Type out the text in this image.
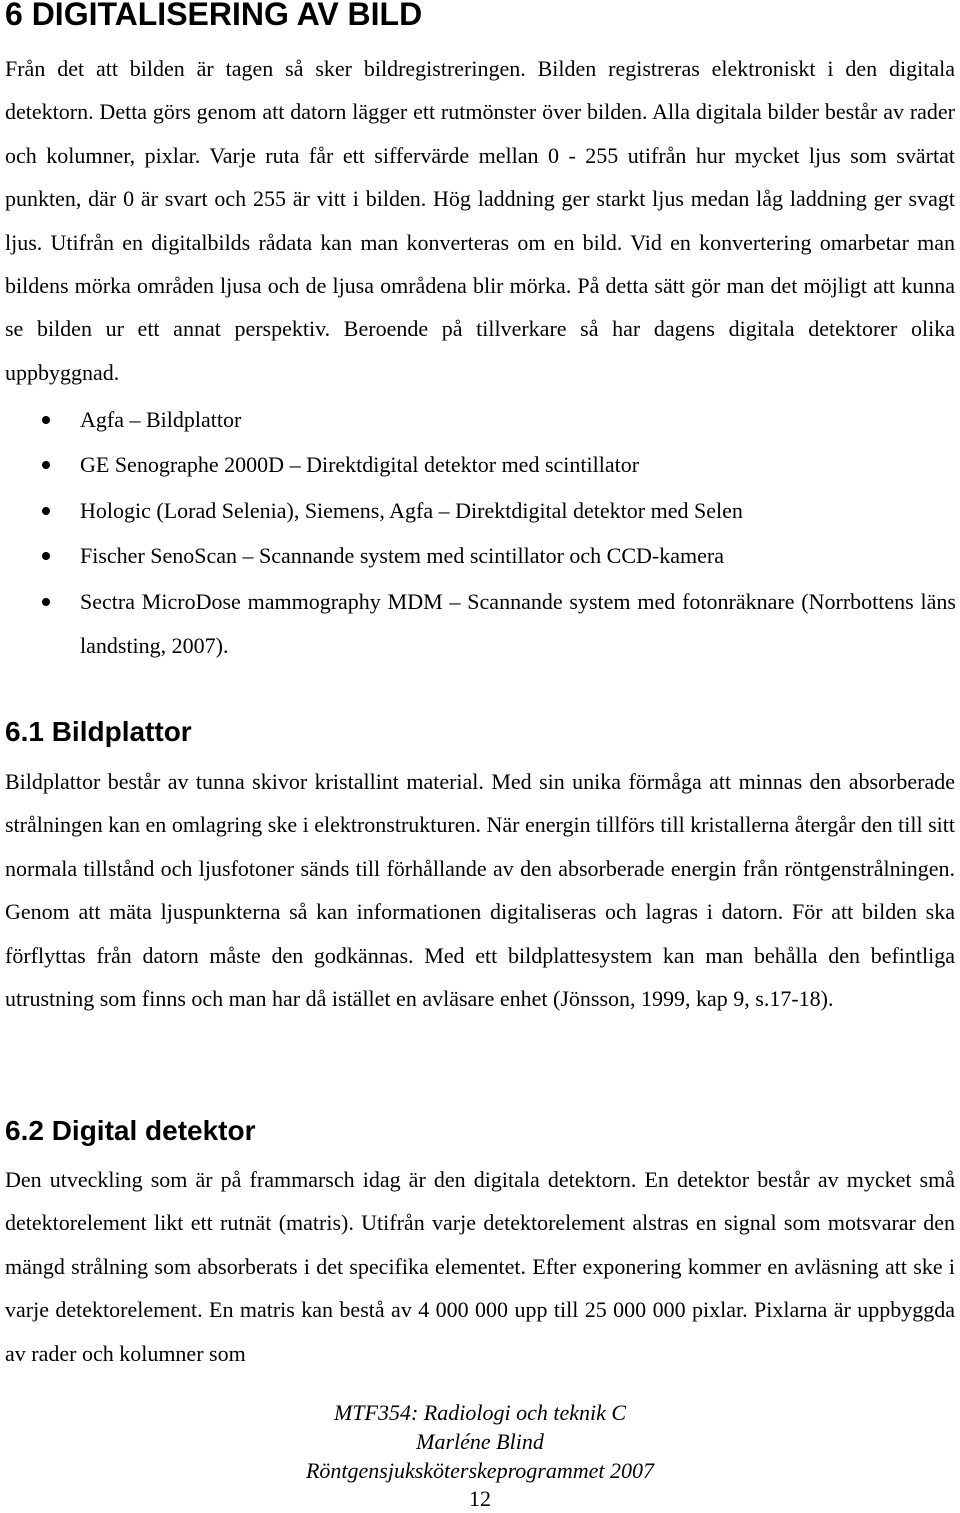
6 DIGITALISERING AV BILD

Från det att bilden är tagen så sker bildregistreringen. Bilden registreras elektroniskt i den digitala detektorn. Detta görs genom att datorn lägger ett rutmönster över bilden. Alla digitala bilder består av rader och kolumner, pixlar. Varje ruta får ett siffervärde mellan 0 - 255 utifrån hur mycket ljus som svärtat punkten, där 0 är svart och 255 är vitt i bilden. Hög laddning ger starkt ljus medan låg laddning ger svagt ljus. Utifrån en digitalbilds rådata kan man konverteras om en bild. Vid en konvertering omarbetar man bildens mörka områden ljusa och de ljusa områdena blir mörka. På detta sätt gör man det möjligt att kunna se bilden ur ett annat perspektiv. Beroende på tillverkare så har dagens digitala detektorer olika uppbyggnad.

Agfa – Bildplattor
GE Senographe 2000D – Direktdigital detektor med scintillator
Hologic (Lorad Selenia), Siemens, Agfa – Direktdigital detektor med Selen
Fischer SenoScan – Scannande system med scintillator och CCD-kamera
Sectra MicroDose mammography MDM – Scannande system med fotonräknare (Norrbottens läns landsting, 2007).
6.1 Bildplattor

Bildplattor består av tunna skivor kristallint material. Med sin unika förmåga att minnas den absorberade strålningen kan en omlagring ske i elektronstrukturen. När energin tillförs till kristallerna återgår den till sitt normala tillstånd och ljusfotoner sänds till förhållande av den absorberade energin från röntgenstrålningen. Genom att mäta ljuspunkterna så kan informationen digitaliseras och lagras i datorn. För att bilden ska förflyttas från datorn måste den godkännas. Med ett bildplattesystem kan man behålla den befintliga utrustning som finns och man har då istället en avläsare enhet (Jönsson, 1999, kap 9, s.17-18).

6.2 Digital detektor

Den utveckling som är på frammarsch idag är den digitala detektorn. En detektor består av mycket små detektorelement likt ett rutnät (matris). Utifrån varje detektorelement alstras en signal som motsvarar den mängd strålning som absorberats i det specifika elementet. Efter exponering kommer en avläsning att ske i varje detektorelement. En matris kan bestå av 4 000 000 upp till 25 000 000 pixlar. Pixlarna är uppbyggda av rader och kolumner som

MTF354: Radiologi och teknik C
Marléne Blind
Röntgensjuksköterskeprogrammet 2007
12
